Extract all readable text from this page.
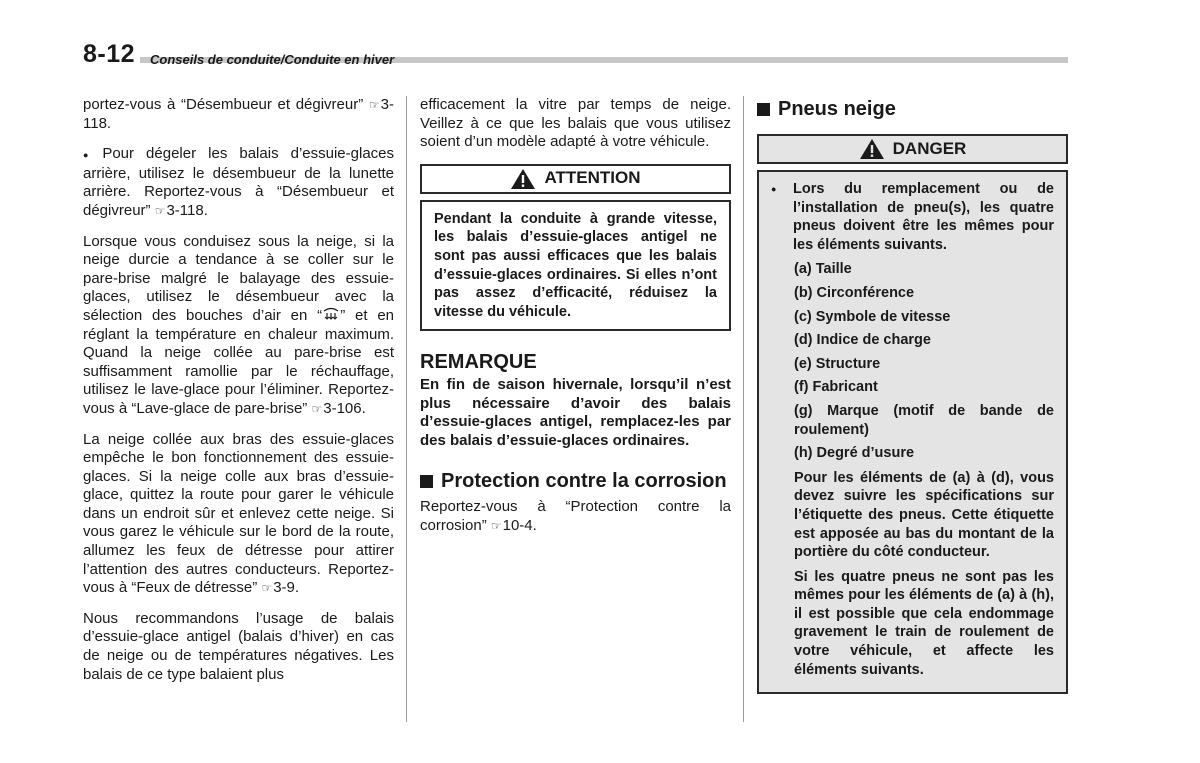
8-12 Conseils de conduite/Conduite en hiver

portez-vous à “Désembueur et dégivreur” ☞3-118.

● Pour dégeler les balais d’essuie-glaces arrière, utilisez le désembueur de la lunette arrière. Reportez-vous à “Désembueur et dégivreur” ☞3-118.

Lorsque vous conduisez sous la neige, si la neige durcie a tendance à se coller sur le pare-brise malgré le balayage des essuie-glaces, utilisez le désembueur avec la sélection des bouches d’air en “ ” et en réglant la température en chaleur maximum. Quand la neige collée au pare-brise est suffisamment ramollie par le réchauffage, utilisez le lave-glace pour l’éliminer. Reportez-vous à “Lave-glace de pare-brise” ☞3-106.

La neige collée aux bras des essuie-glaces empêche le bon fonctionnement des essuie-glaces. Si la neige colle aux bras d’essuie-glace, quittez la route pour garer le véhicule dans un endroit sûr et enlevez cette neige. Si vous garez le véhicule sur le bord de la route, allumez les feux de détresse pour attirer l’attention des autres conducteurs. Reportez-vous à “Feux de détresse” ☞3-9.

Nous recommandons l’usage de balais d’essuie-glace antigel (balais d’hiver) en cas de neige ou de températures négatives. Les balais de ce type balaient plus

efficacement la vitre par temps de neige. Veillez à ce que les balais que vous utilisez soient d’un modèle adapté à votre véhicule.

ATTENTION
Pendant la conduite à grande vitesse, les balais d’essuie-glaces antigel ne sont pas aussi efficaces que les balais d’essuie-glaces ordinaires. Si elles n’ont pas assez d’efficacité, réduisez la vitesse du véhicule.
REMARQUE

En fin de saison hivernale, lorsqu’il n’est plus nécessaire d’avoir des balais d’essuie-glaces antigel, remplacez-les par des balais d’essuie-glaces ordinaires.

Protection contre la corrosion

Reportez-vous à “Protection contre la corrosion” ☞10-4.

Pneus neige
DANGER
●	Lors du remplacement ou de l’installation de pneu(s), les quatre pneus doivent être les mêmes pour les éléments suivants.
(a) Taille
(b) Circonférence
(c) Symbole de vitesse
(d) Indice de charge
(e) Structure
(f) Fabricant
(g) Marque (motif de bande de roulement)
(h) Degré d’usure
Pour les éléments de (a) à (d), vous devez suivre les spécifications sur l’étiquette des pneus. Cette étiquette est apposée au bas du montant de la portière du côté conducteur.
Si les quatre pneus ne sont pas les mêmes pour les éléments de (a) à (h), il est possible que cela endommage gravement le train de roulement de votre véhicule, et affecte les éléments suivants.
